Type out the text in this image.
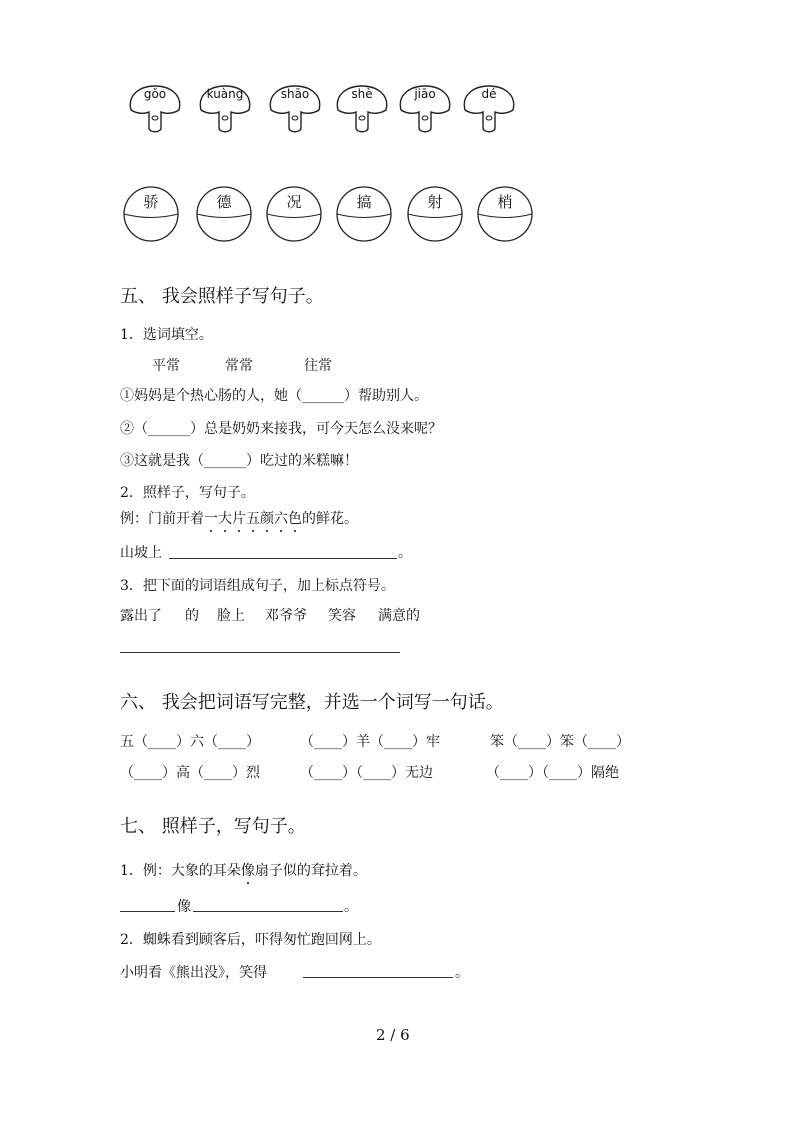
gǒo	kuàng	shāo	shè	jiāo	dé
骄	德	况	搞	射	梢
五、 我会照样子写句子。
1．选词填空。
平常	常常	往常
①妈妈是个热心肠的人，她（______）帮助别人。
②（______）总是奶奶来接我，可今天怎么没来呢？
③这就是我（______）吃过的米糕嘛！
2．照样子，写句子。
例：门前开着一大片五颜六色的鲜花。
山坡上	。
3．把下面的词语组成句子，加上标点符号。
露出了 的 脸上 邓爷爷 笑容 满意的
六、 我会把词语写完整，并选一个词写一句话。
五（____）六（____）	（____）羊（____）牢	笨（____）笨（____）
（____）高（____）烈	（____）（____）无边	（____）（____）隔绝
七、 照样子，写句子。
1．例：大象的耳朵像扇子似的耷拉着。
像	。
2．蜘蛛看到顾客后，吓得匆忙跑回网上。
小明看《熊出没》，笑得	。
2 / 6
